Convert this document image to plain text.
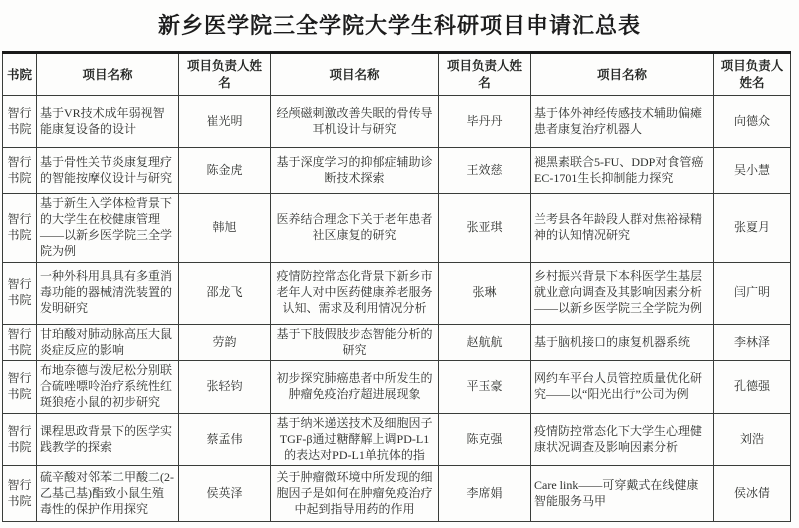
新乡医学院三全学院大学生科研项目申请汇总表
书院	项目名称	项目负责人姓名	项目名称	项目负责人姓名	项目名称	项目负责人姓名
智行书院	基于VR技术成年弱视智能康复设备的设计	崔光明	经颅磁刺激改善失眠的骨传导耳机设计与研究	毕丹丹	基于体外神经传感技术辅助偏瘫患者康复治疗机器人	向德众
智行书院	基于骨性关节炎康复理疗的智能按摩仪设计与研究	陈金虎	基于深度学习的抑郁症辅助诊断技术探索	王效慈	褪黑素联合5-FU、DDP对食管癌EC-1701生长抑制能力探究	吴小慧
智行书院	基于新生入学体检背景下的大学生在校健康管理——以新乡医学院三全学院为例	韩旭	医养结合理念下关于老年患者社区康复的研究	张亚琪	兰考县各年龄段人群对焦裕禄精神的认知情况研究	张夏月
智行书院	一种外科用具具有多重消毒功能的器械清洗装置的发明研究	邵龙飞	疫情防控常态化背景下新乡市老年人对中医药健康养老服务认知、需求及利用情况分析	张琳	乡村振兴背景下本科医学生基层就业意向调查及其影响因素分析——以新乡医学院三全学院为例	闫广明
智行书院	甘珀酸对肺动脉高压大鼠炎症反应的影响	劳韵	基于下肢假肢步态智能分析的研究	赵航航	基于脑机接口的康复机器系统	李林泽
智行书院	布地奈德与泼尼松分别联合硫唑嘌呤治疗系统性红斑狼疮小鼠的初步研究	张轻钧	初步探究肺癌患者中所发生的肿瘤免疫治疗超进展现象	平玉豪	网约车平台人员管控质量优化研究——以“阳光出行”公司为例	孔德强
智行书院	课程思政背景下的医学实践教学的探索	蔡孟伟	基于纳米递送技术及细胞因子TGF-β通过糖酵解上调PD-L1的表达对PD-L1单抗体的指	陈克强	疫情防控常态化下大学生心理健康状况调查及影响因素分析	刘浩
智行书院	硫辛酸对邻苯二甲酸二(2-乙基己基)酯致小鼠生殖毒性的保护作用探究	侯英泽	关于肿瘤微环境中所发现的细胞因子是如何在肿瘤免疫治疗中起到指导用药的作用	李席娟	Care link——可穿戴式在线健康智能服务马甲	侯冰倩
